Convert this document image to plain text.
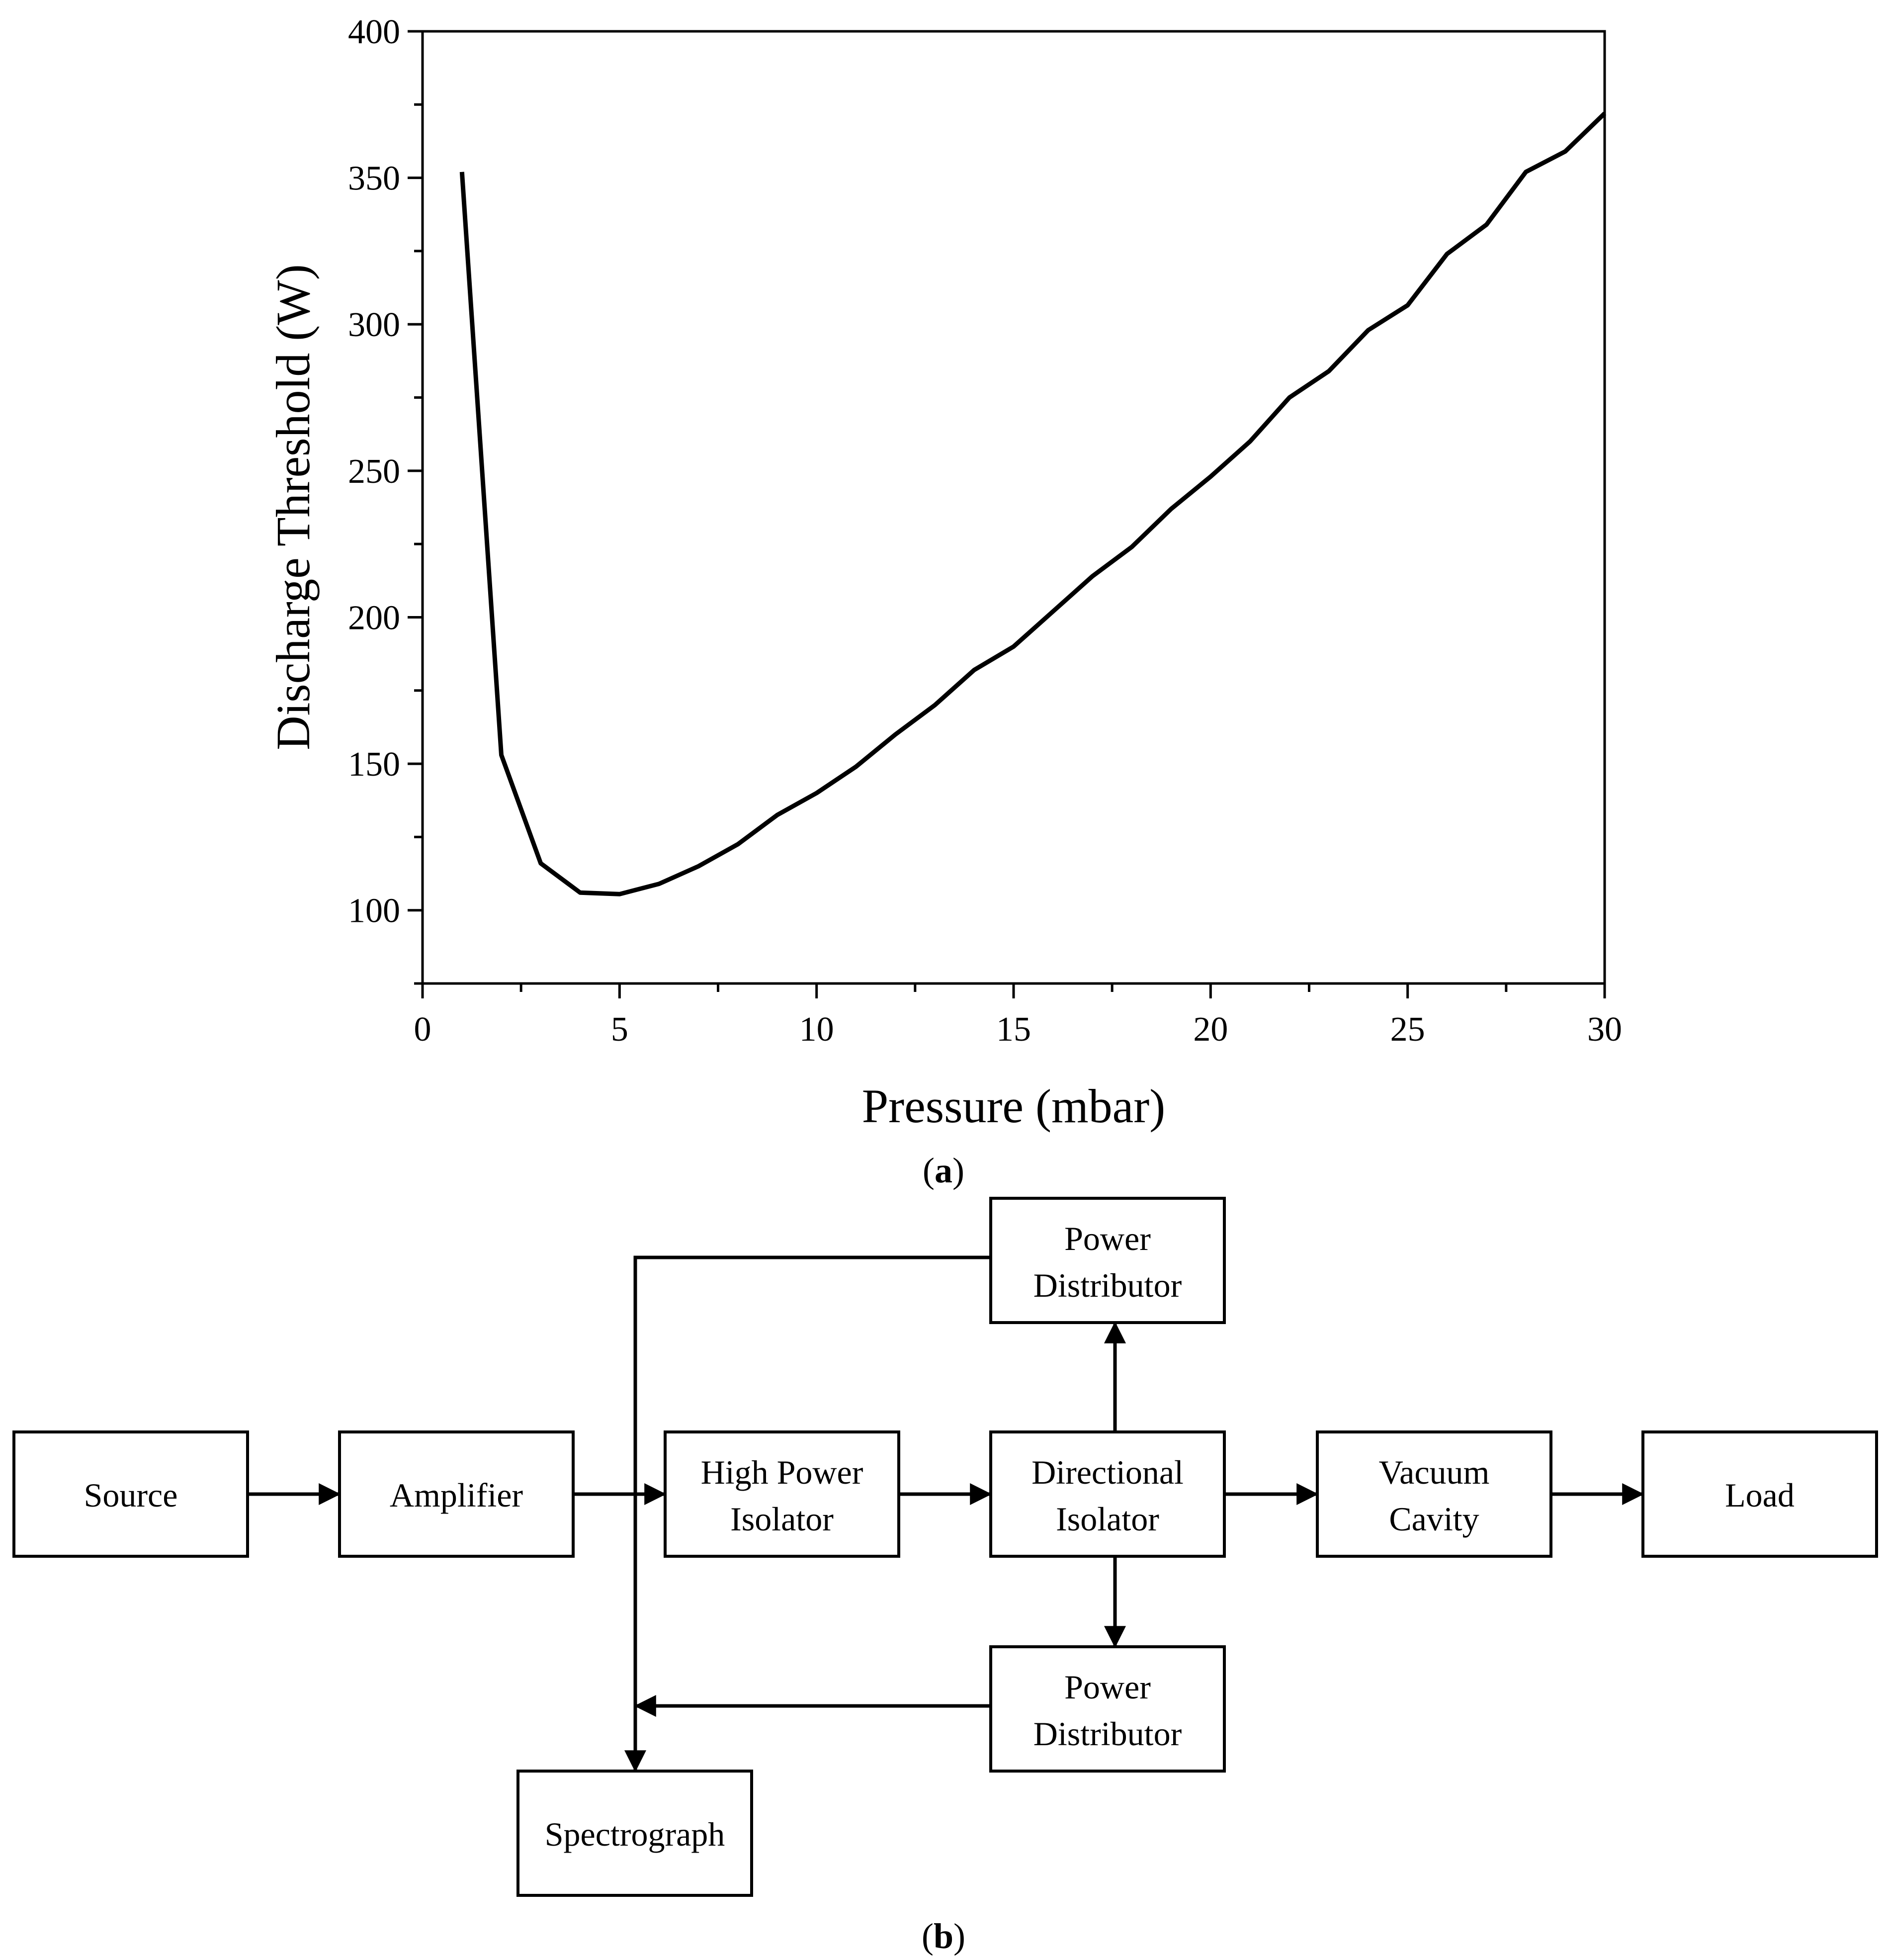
0	5	10	15	20	25	30
100
150
200
250
300
350
400
Pressure (mbar)
Discharge Threshold (W)
(a)
Source	Amplifier
High Power
Isolator
Directional
Isolator
Vacuum
Cavity
Load
Power
Distributor
Power
Distributor
Spectrograph
(b)
